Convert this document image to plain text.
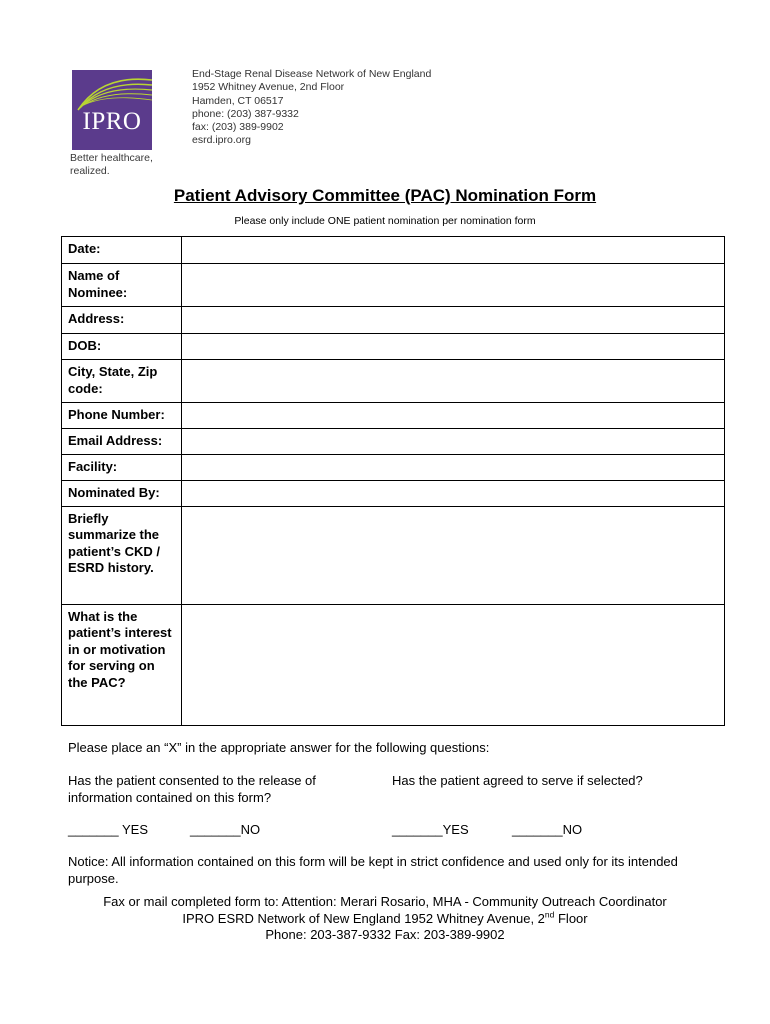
IPRO
Better healthcare,
realized.
End-Stage Renal Disease Network of New England
1952 Whitney Avenue, 2nd Floor
Hamden, CT 06517
phone: (203) 387-9332
fax: (203) 389-9902
esrd.ipro.org
Patient Advisory Committee (PAC) Nomination Form
Please only include ONE patient nomination per nomination form
Date:	
Name of Nominee:	
Address:	
DOB:	
City, State, Zip code:	
Phone Number:	
Email Address:	
Facility:	
Nominated By:	
Briefly summarize the patient’s CKD / ESRD history.	
What is the patient’s interest in or motivation for serving on the PAC?	
Please place an “X” in the appropriate answer for the following questions:
Has the patient consented to the release of information contained on this form?
Has the patient agreed to serve if selected?
_______ YES	_______NO	_______YES	_______NO
Notice: All information contained on this form will be kept in strict confidence and used only for its intended purpose.
Fax or mail completed form to: Attention: Merari Rosario, MHA - Community Outreach Coordinator
IPRO ESRD Network of New England 1952 Whitney Avenue, 2nd Floor
Phone: 203-387-9332 Fax: 203-389-9902
